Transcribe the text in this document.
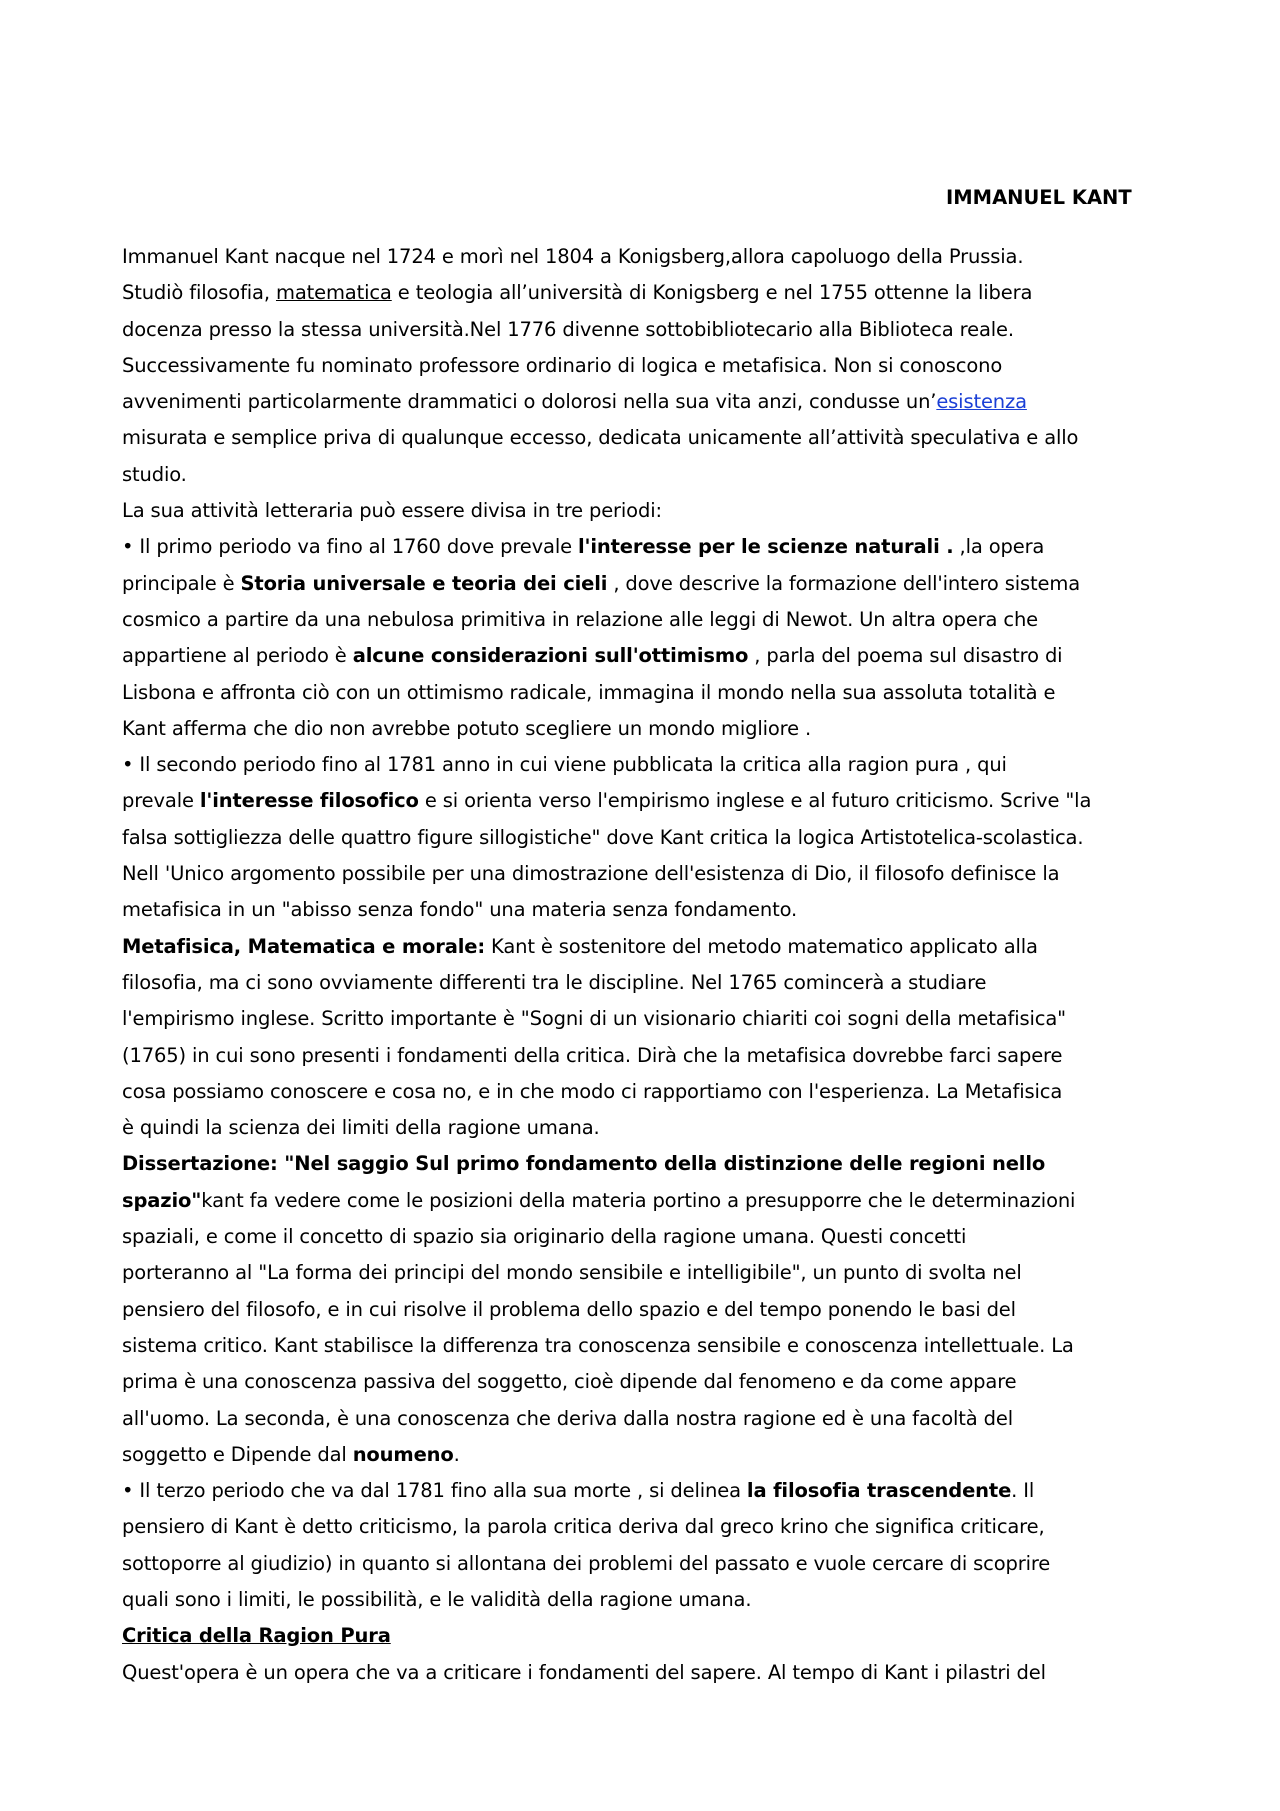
IMMANUEL KANT
Immanuel Kant nacque nel 1724 e morì nel 1804 a Konigsberg,allora capoluogo della Prussia.
Studiò filosofia, matematica e teologia all’università di Konigsberg e nel 1755 ottenne la libera
docenza presso la stessa università.Nel 1776 divenne sottobibliotecario alla Biblioteca reale.
Successivamente fu nominato professore ordinario di logica e metafisica. Non si conoscono
avvenimenti particolarmente drammatici o dolorosi nella sua vita anzi, condusse un’esistenza
misurata e semplice priva di qualunque eccesso, dedicata unicamente all’attività speculativa e allo
studio.
La sua attività letteraria può essere divisa in tre periodi:
• Il primo periodo va fino al 1760 dove prevale l'interesse per le scienze naturali . ,la opera
principale è Storia universale e teoria dei cieli , dove descrive la formazione dell'intero sistema
cosmico a partire da una nebulosa primitiva in relazione alle leggi di Newot. Un altra opera che
appartiene al periodo è alcune considerazioni sull'ottimismo , parla del poema sul disastro di
Lisbona e affronta ciò con un ottimismo radicale, immagina il mondo nella sua assoluta totalità e
Kant afferma che dio non avrebbe potuto scegliere un mondo migliore .
• Il secondo periodo fino al 1781 anno in cui viene pubblicata la critica alla ragion pura , qui
prevale l'interesse filosofico e si orienta verso l'empirismo inglese e al futuro criticismo. Scrive "la
falsa sottigliezza delle quattro figure sillogistiche" dove Kant critica la logica Artistotelica-scolastica.
Nell 'Unico argomento possibile per una dimostrazione dell'esistenza di Dio, il filosofo definisce la
metafisica in un "abisso senza fondo" una materia senza fondamento.
Metafisica, Matematica e morale: Kant è sostenitore del metodo matematico applicato alla
filosofia, ma ci sono ovviamente differenti tra le discipline. Nel 1765 comincerà a studiare
l'empirismo inglese. Scritto importante è "Sogni di un visionario chiariti coi sogni della metafisica"
(1765) in cui sono presenti i fondamenti della critica. Dirà che la metafisica dovrebbe farci sapere
cosa possiamo conoscere e cosa no, e in che modo ci rapportiamo con l'esperienza. La Metafisica
è quindi la scienza dei limiti della ragione umana.
Dissertazione: "Nel saggio Sul primo fondamento della distinzione delle regioni nello
spazio"kant fa vedere come le posizioni della materia portino a presupporre che le determinazioni
spaziali, e come il concetto di spazio sia originario della ragione umana. Questi concetti
porteranno al "La forma dei principi del mondo sensibile e intelligibile", un punto di svolta nel
pensiero del filosofo, e in cui risolve il problema dello spazio e del tempo ponendo le basi del
sistema critico. Kant stabilisce la differenza tra conoscenza sensibile e conoscenza intellettuale. La
prima è una conoscenza passiva del soggetto, cioè dipende dal fenomeno e da come appare
all'uomo. La seconda, è una conoscenza che deriva dalla nostra ragione ed è una facoltà del
soggetto e Dipende dal noumeno.
• Il terzo periodo che va dal 1781 fino alla sua morte , si delinea la filosofia trascendente. Il
pensiero di Kant è detto criticismo, la parola critica deriva dal greco krino che significa criticare,
sottoporre al giudizio) in quanto si allontana dei problemi del passato e vuole cercare di scoprire
quali sono i limiti, le possibilità, e le validità della ragione umana.
Critica della Ragion Pura
Quest'opera è un opera che va a criticare i fondamenti del sapere. Al tempo di Kant i pilastri del
